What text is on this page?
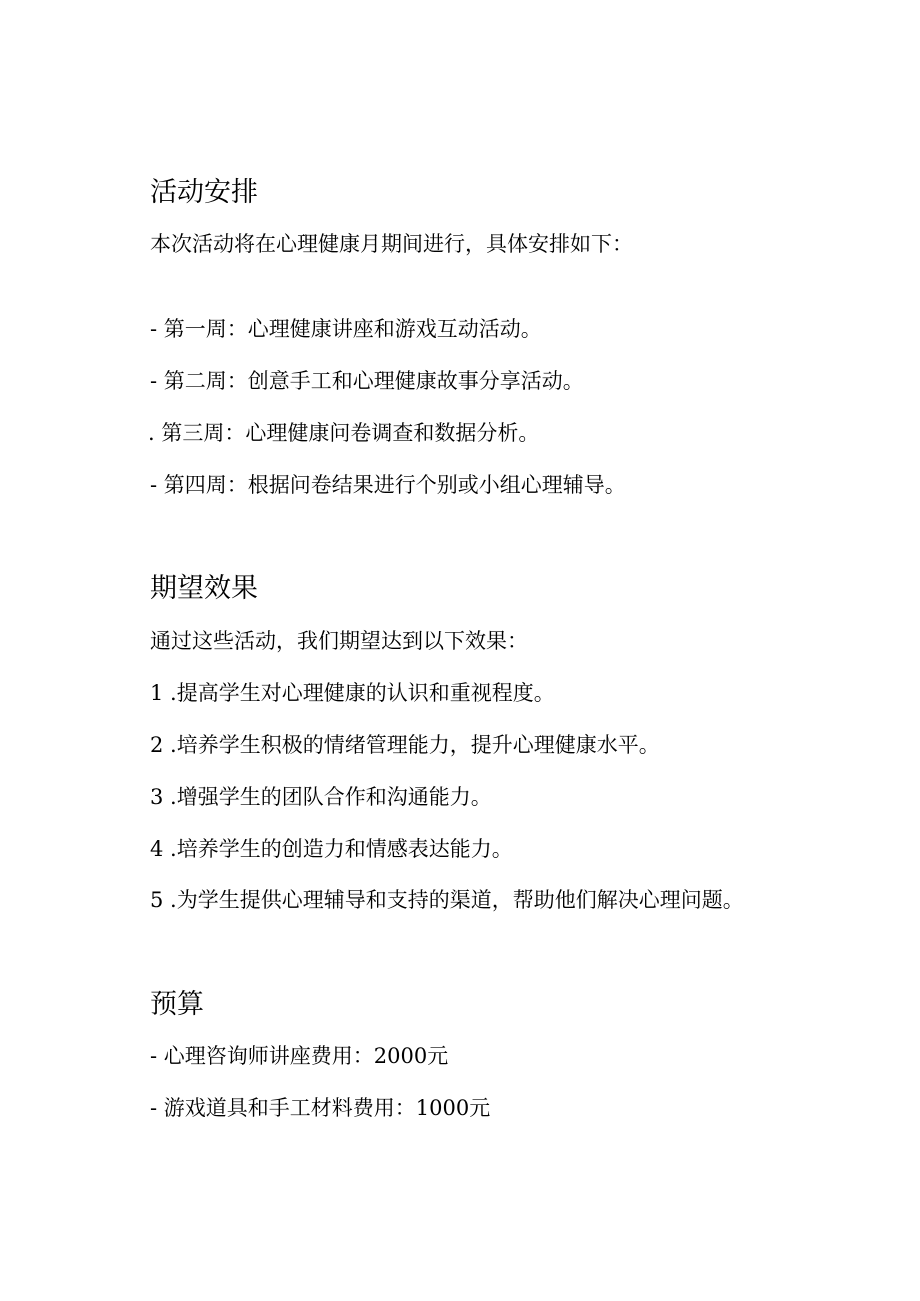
活动安排

本次活动将在心理健康月期间进行，具体安排如下：

- 第一周：心理健康讲座和游戏互动活动。

- 第二周：创意手工和心理健康故事分享活动。

. 第三周：心理健康问卷调查和数据分析。

- 第四周：根据问卷结果进行个别或小组心理辅导。

期望效果

通过这些活动，我们期望达到以下效果：

1 .提高学生对心理健康的认识和重视程度。

2 .培养学生积极的情绪管理能力，提升心理健康水平。

3 .增强学生的团队合作和沟通能力。

4 .培养学生的创造力和情感表达能力。

5 .为学生提供心理辅导和支持的渠道，帮助他们解决心理问题。

预算

- 心理咨询师讲座费用：2000元

- 游戏道具和手工材料费用：1000元
